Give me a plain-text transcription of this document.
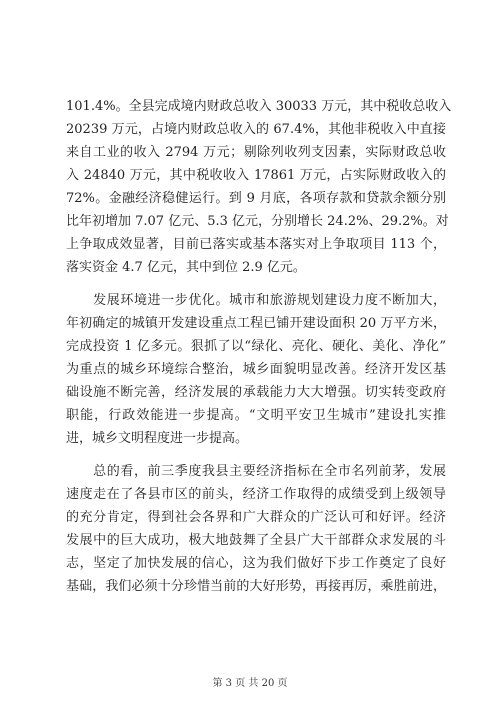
101.4%。全县完成境内财政总收入 30033 万元，其中税收总收入
20239 万元，占境内财政总收入的 67.4%，其他非税收入中直接
来自工业的收入 2794 万元；剔除列收列支因素，实际财政总收
入 24840 万元，其中税收收入 17861 万元，占实际财政收入的
72%。金融经济稳健运行。到 9 月底，各项存款和贷款余额分别
比年初增加 7.07 亿元、5.3 亿元，分别增长 24.2%、29.2%。对
上争取成效显著，目前已落实或基本落实对上争取项目 113 个，
落实资金 4.7 亿元，其中到位 2.9 亿元。
　　发展环境进一步优化。城市和旅游规划建设力度不断加大，
年初确定的城镇开发建设重点工程已铺开建设面积 20 万平方米，
完成投资 1 亿多元。狠抓了以“绿化、亮化、硬化、美化、净化”
为重点的城乡环境综合整治，城乡面貌明显改善。经济开发区基
础设施不断完善，经济发展的承载能力大大增强。切实转变政府
职能，行政效能进一步提高。“文明平安卫生城市”建设扎实推
进，城乡文明程度进一步提高。
　　总的看，前三季度我县主要经济指标在全市名列前茅，发展
速度走在了各县市区的前头，经济工作取得的成绩受到上级领导
的充分肯定，得到社会各界和广大群众的广泛认可和好评。经济
发展中的巨大成功，极大地鼓舞了全县广大干部群众求发展的斗
志，坚定了加快发展的信心，这为我们做好下步工作奠定了良好
基础，我们必须十分珍惜当前的大好形势，再接再厉，乘胜前进，
第 3 页 共 20 页
